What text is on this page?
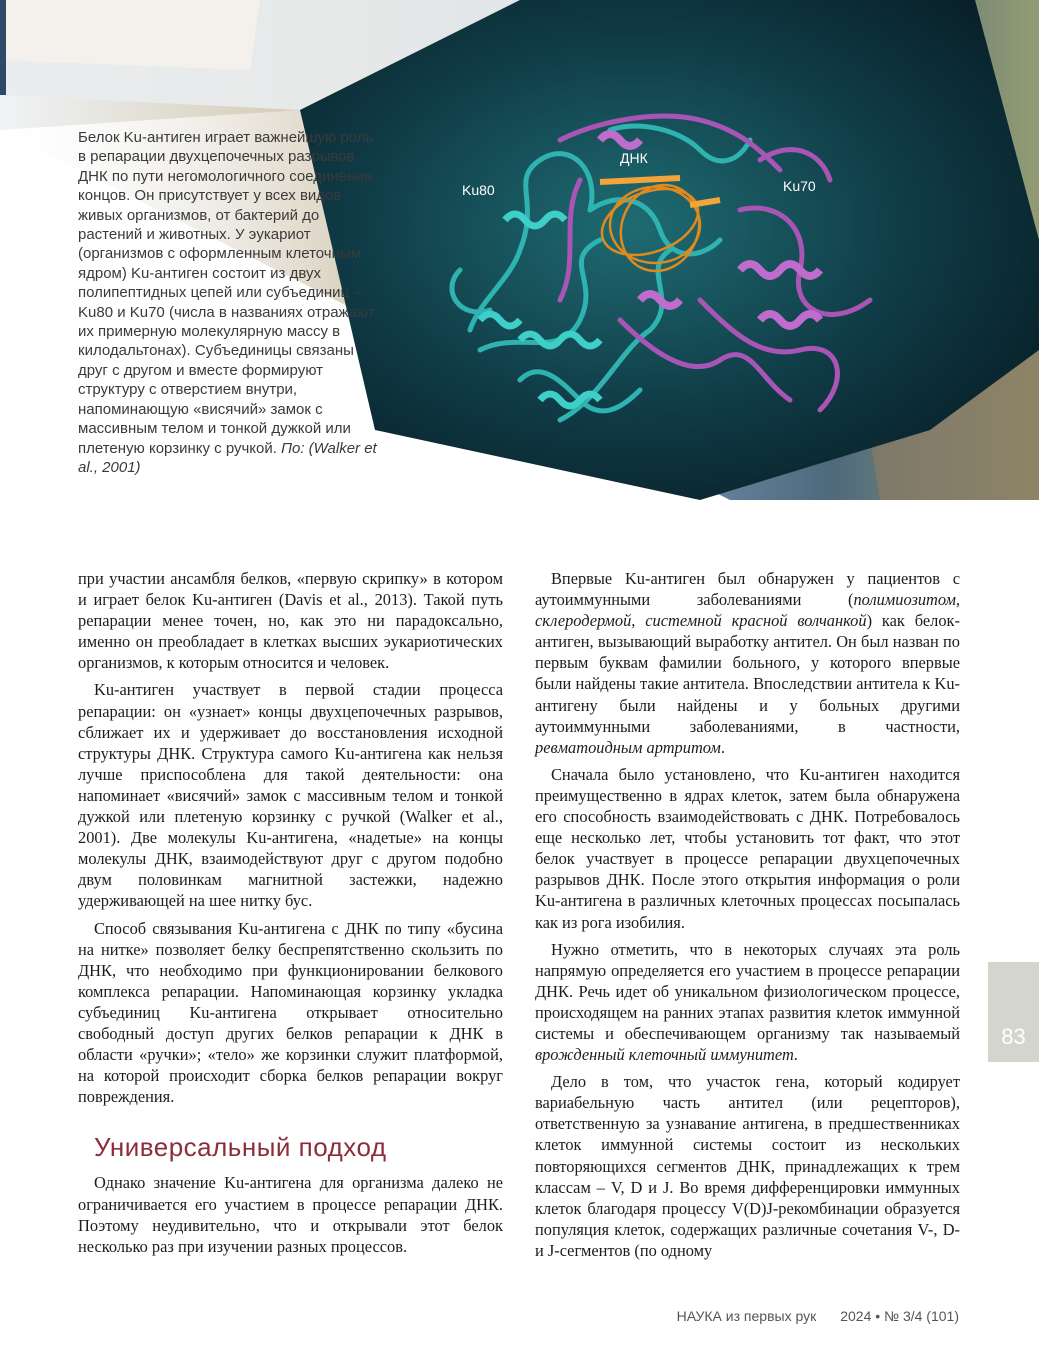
ДНК
Ku80	Ku70
Белок Ku-антиген играет важнейшую роль в репарации двухцепочечных разрывов ДНК по пути негомологичного соединения концов. Он присутствует у всех видов живых организмов, от бактерий до растений и животных. У эукариот (организмов с оформленным клеточным ядром) Ku-антиген состоит из двух полипептидных цепей или субъединиц – Ku80 и Ku70 (числа в названиях отражают их примерную молекулярную массу в килодальтонах). Субъединицы связаны друг с другом и вместе формируют структуру с отверстием внутри, напоминающую «висячий» замок с массивным телом и тонкой дужкой или плетеную корзинку с ручкой. По: (Walker et al., 2001)

при участии ансамбля белков, «первую скрипку» в котором и играет белок Ku-антиген (Davis et al., 2013). Такой путь репарации менее точен, но, как это ни парадоксально, именно он преобладает в клетках высших эукариотических организмов, к которым относится и человек.

Ku-антиген участвует в первой стадии процесса репарации: он «узнает» концы двухцепочечных разрывов, сближает их и удерживает до восстановления исходной структуры ДНК. Структура самого Ku-антигена как нельзя лучше приспособлена для такой деятельности: она напоминает «висячий» замок с массивным телом и тонкой дужкой или плетеную корзинку с ручкой (Walker et al., 2001). Две молекулы Ku-антигена, «надетые» на концы молекулы ДНК, взаимодействуют друг с другом подобно двум половинкам магнитной застежки, надежно удерживающей на шее нитку бус.

Способ связывания Ku-антигена с ДНК по типу «бусина на нитке» позволяет белку беспрепятственно скользить по ДНК, что необходимо при функционировании белкового комплекса репарации. Напоминающая корзинку укладка субъединиц Ku-антигена открывает относительно свободный доступ других белков репарации к ДНК в области «ручки»; «тело» же корзинки служит платформой, на которой происходит сборка белков репарации вокруг повреждения.

Универсальный подход

Однако значение Ku-антигена для организма далеко не ограничивается его участием в процессе репарации ДНК. Поэтому неудивительно, что и открывали этот белок несколько раз при изучении разных процессов.

Впервые Ku-антиген был обнаружен у пациентов с аутоиммунными заболеваниями (полимиозитом, склеродермой, системной красной волчанкой) как белок-антиген, вызывающий выработку антител. Он был назван по первым буквам фамилии больного, у которого впервые были найдены такие антитела. Впоследствии антитела к Ku-антигену были найдены и у больных другими аутоиммунными заболеваниями, в частности, ревматоидным артритом.

Сначала было установлено, что Ku-антиген находится преимущественно в ядрах клеток, затем была обнаружена его способность взаимодействовать с ДНК. Потребовалось еще несколько лет, чтобы установить тот факт, что этот белок участвует в процессе репарации двухцепочечных разрывов ДНК. После этого открытия информация о роли Ku-антигена в различных клеточных процессах посыпалась как из рога изобилия.

Нужно отметить, что в некоторых случаях эта роль напрямую определяется его участием в процессе репарации ДНК. Речь идет об уникальном физиологическом процессе, происходящем на ранних этапах развития клеток иммунной системы и обеспечивающем организму так называемый врожденный клеточный иммунитет.

Дело в том, что участок гена, который кодирует вариабельную часть антител (или рецепторов), ответственную за узнавание антигена, в предшественниках клеток иммунной системы состоит из нескольких повторяющихся сегментов ДНК, принадлежащих к трем классам – V, D и J. Во время дифференцировки иммунных клеток благодаря процессу V(D)J-рекомбинации образуется популяция клеток, содержащих различные сочетания V-, D- и J-сегментов (по одному

83
НАУКА из первых рук 2024 • № 3/4 (101)
